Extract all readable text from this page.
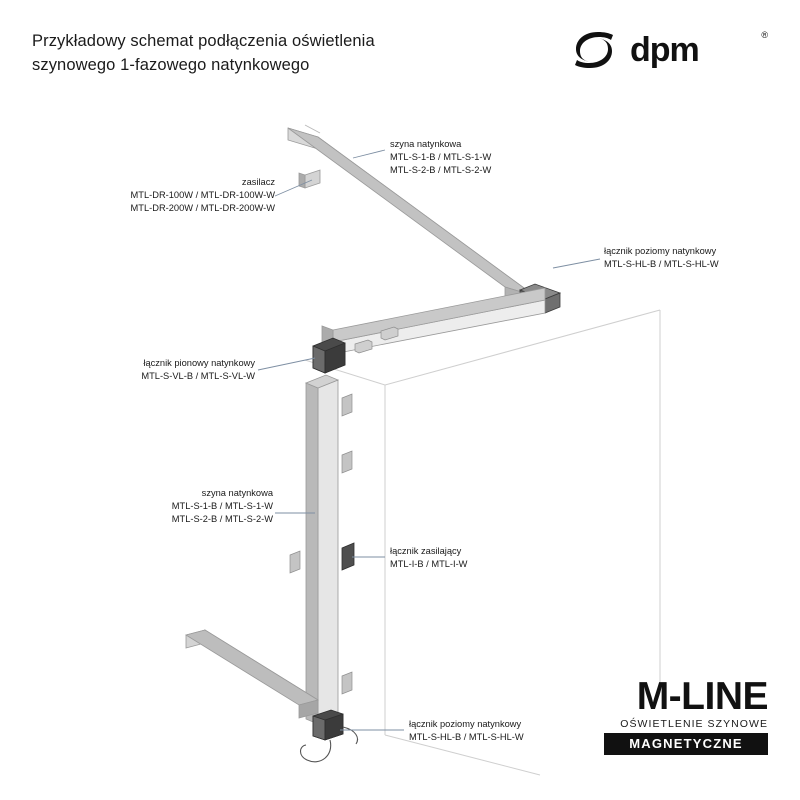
Przykładowy schemat podłączenia oświetlenia szynowego 1-fazowego natynkowego	dpm	®
szyna natynkowa
MTL-S-1-B / MTL-S-1-W
MTL-S-2-B / MTL-S-2-W
zasilacz
MTL-DR-100W / MTL-DR-100W-W
MTL-DR-200W / MTL-DR-200W-W
łącznik poziomy natynkowy
MTL-S-HL-B / MTL-S-HL-W
łącznik pionowy natynkowy
MTL-S-VL-B / MTL-S-VL-W
szyna natynkowa
MTL-S-1-B / MTL-S-1-W
MTL-S-2-B / MTL-S-2-W
łącznik zasilający
MTL-I-B / MTL-I-W
łącznik poziomy natynkowy
MTL-S-HL-B / MTL-S-HL-W
M-LINE
OŚWIETLENIE SZYNOWE
MAGNETYCZNE
